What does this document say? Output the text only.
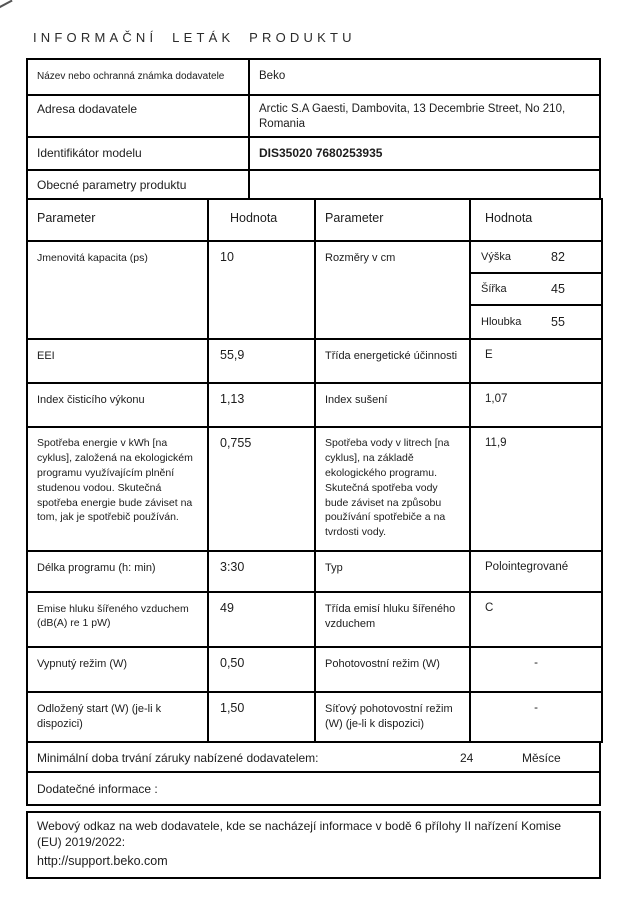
INFORMAČNÍ LETÁK PRODUKTU
Název nebo ochranná známka dodavatele	Beko
Adresa dodavatele	Arctic S.A Gaesti, Dambovita, 13 Decembrie Street, No 210, Romania
Identifikátor modelu	DIS35020 7680253935
Obecné parametry produktu	
Parameter	Hodnota	Parameter	Hodnota
Jmenovitá kapacita (ps)	10	Rozměry v cm	Výška	82
Šířka	45
Hloubka	55

EEI	55,9	Třída energetické účinnosti	E
Index čisticího výkonu	1,13	Index sušení	1,07
Spotřeba energie v kWh [na cyklus], založená na ekologickém programu využívajícím plnění studenou vodou. Skutečná spotřeba energie bude záviset na tom, jak je spotřebič používán.	0,755	Spotřeba vody v litrech [na cyklus], na základě ekologického programu. Skutečná spotřeba vody bude záviset na způsobu používání spotřebiče a na tvrdosti vody.	11,9
Délka programu (h: min)	3:30	Typ	Polointegrované
Emise hluku šířeného vzduchem (dB(A) re 1 pW)	49	Třída emisí hluku šířeného vzduchem	C
Vypnutý režim (W)	0,50	Pohotovostní režim (W)	-
Odložený start (W) (je-li k dispozici)	1,50	Síťový pohotovostní režim (W) (je-li k dispozici)	-
Minimální doba trvání záruky nabízené dodavatelem:	24	Měsíce

Dodatečné informace :
Webový odkaz na web dodavatele, kde se nacházejí informace v bodě 6 přílohy II nařízení Komise (EU) 2019/2022:
http://support.beko.com
